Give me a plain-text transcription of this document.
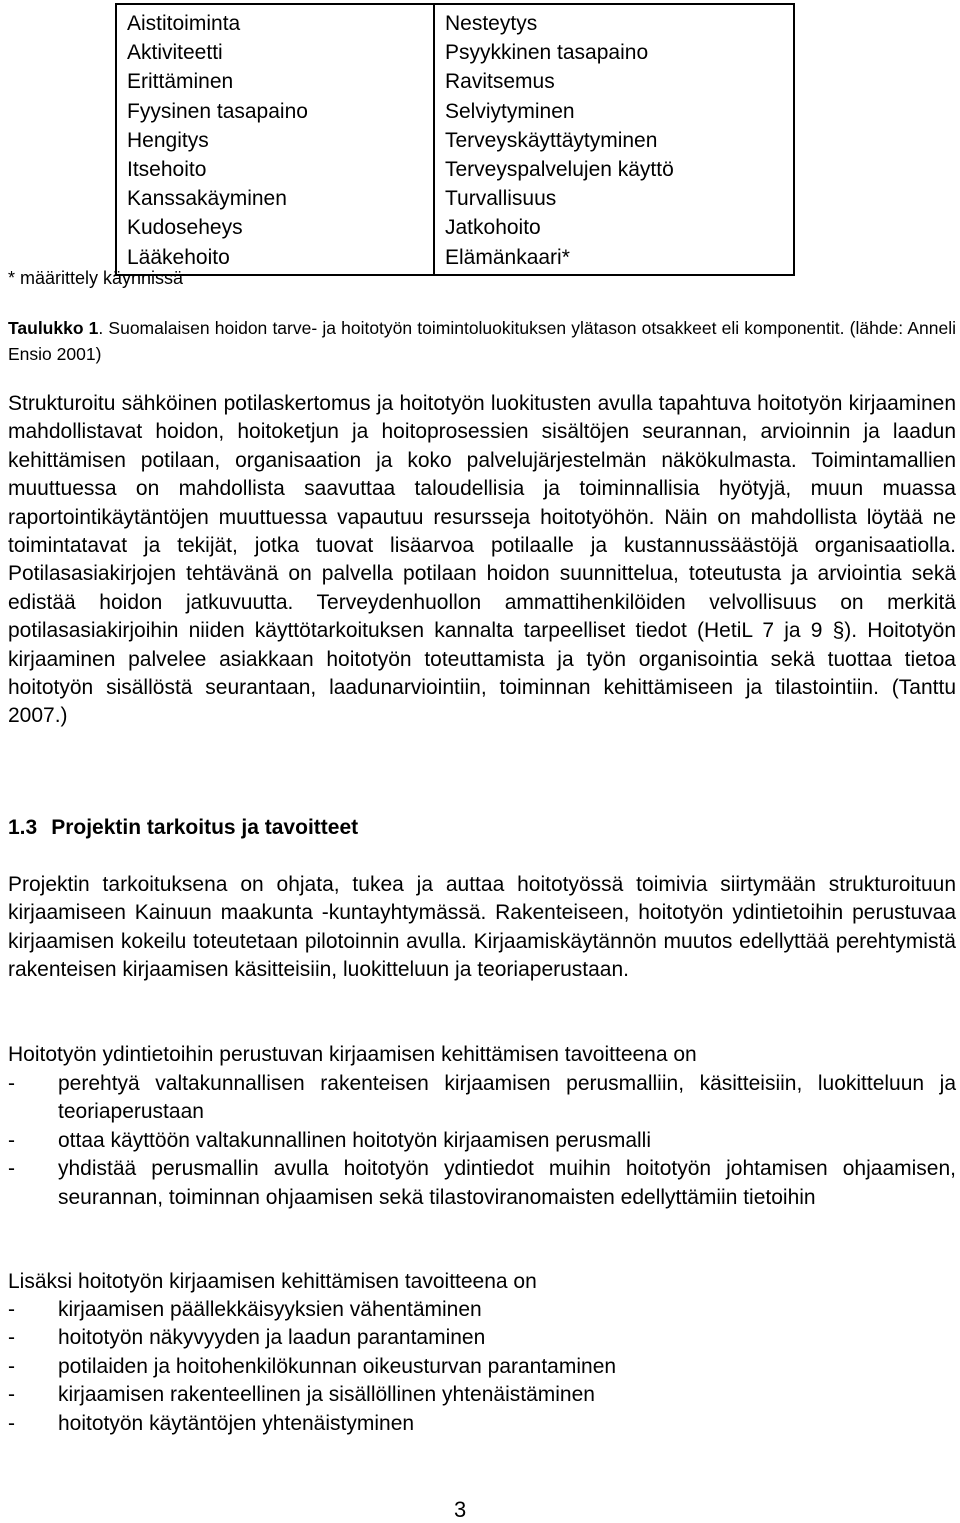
Aistitoiminta
Aktiviteetti
Erittäminen
Fyysinen tasapaino
Hengitys
Itsehoito
Kanssakäyminen
Kudoseheys
Lääkehoito

Nesteytys
Psyykkinen tasapaino
Ravitsemus
Selviytyminen
Terveyskäyttäytyminen
Terveyspalvelujen käyttö
Turvallisuus
Jatkohoito
Elämänkaari*
* määrittely käynnissä
Taulukko 1. Suomalaisen hoidon tarve- ja hoitotyön toimintoluokituksen ylätason otsakkeet eli komponentit. (lähde: Anneli Ensio 2001)
Strukturoitu sähköinen potilaskertomus ja hoitotyön luokitusten avulla tapahtuva hoitotyön kirjaaminen mahdollistavat hoidon, hoitoketjun ja hoitoprosessien sisältöjen seurannan, arvioinnin ja laadun kehittämisen potilaan, organisaation ja koko palvelujärjestelmän näkökulmasta. Toimintamallien muuttuessa on mahdollista saavuttaa taloudellisia ja toiminnallisia hyötyjä, muun muassa raportointikäytäntöjen muuttuessa vapautuu resursseja hoitotyöhön. Näin on mahdollista löytää ne toimintatavat ja tekijät, jotka tuovat lisäarvoa potilaalle ja kustannussäästöjä organisaatiolla. Potilasasiakirjojen tehtävänä on palvella potilaan hoidon suunnittelua, toteutusta ja arviointia sekä edistää hoidon jatkuvuutta. Terveydenhuollon ammattihenkilöiden velvollisuus on merkitä potilasasiakirjoihin niiden käyttötarkoituksen kannalta tarpeelliset tiedot (HetiL 7 ja 9 §). Hoitotyön kirjaaminen palvelee asiakkaan hoitotyön toteuttamista ja työn organisointia sekä tuottaa tietoa hoitotyön sisällöstä seurantaan, laadunarviointiin, toiminnan kehittämiseen ja tilastointiin. (Tanttu 2007.)
1.3 Projektin tarkoitus ja tavoitteet
Projektin tarkoituksena on ohjata, tukea ja auttaa hoitotyössä toimivia siirtymään strukturoituun kirjaamiseen Kainuun maakunta -kuntayhtymässä. Rakenteiseen, hoitotyön ydintietoihin perustuvaa kirjaamisen kokeilu toteutetaan pilotoinnin avulla. Kirjaamiskäytännön muutos edellyttää perehtymistä rakenteisen kirjaamisen käsitteisiin, luokitteluun ja teoriaperustaan.
Hoitotyön ydintietoihin perustuvan kirjaamisen kehittämisen tavoitteena on
- perehtyä valtakunnallisen rakenteisen kirjaamisen perusmalliin, käsitteisiin, luokitteluun ja teoriaperustaan
- ottaa käyttöön valtakunnallinen hoitotyön kirjaamisen perusmalli
- yhdistää perusmallin avulla hoitotyön ydintiedot muihin hoitotyön johtamisen ohjaamisen, seurannan, toiminnan ohjaamisen sekä tilastoviranomaisten edellyttämiin tietoihin
Lisäksi hoitotyön kirjaamisen kehittämisen tavoitteena on
- kirjaamisen päällekkäisyyksien vähentäminen
- hoitotyön näkyvyyden ja laadun parantaminen
- potilaiden ja hoitohenkilökunnan oikeusturvan parantaminen
- kirjaamisen rakenteellinen ja sisällöllinen yhtenäistäminen
- hoitotyön käytäntöjen yhtenäistyminen
3
